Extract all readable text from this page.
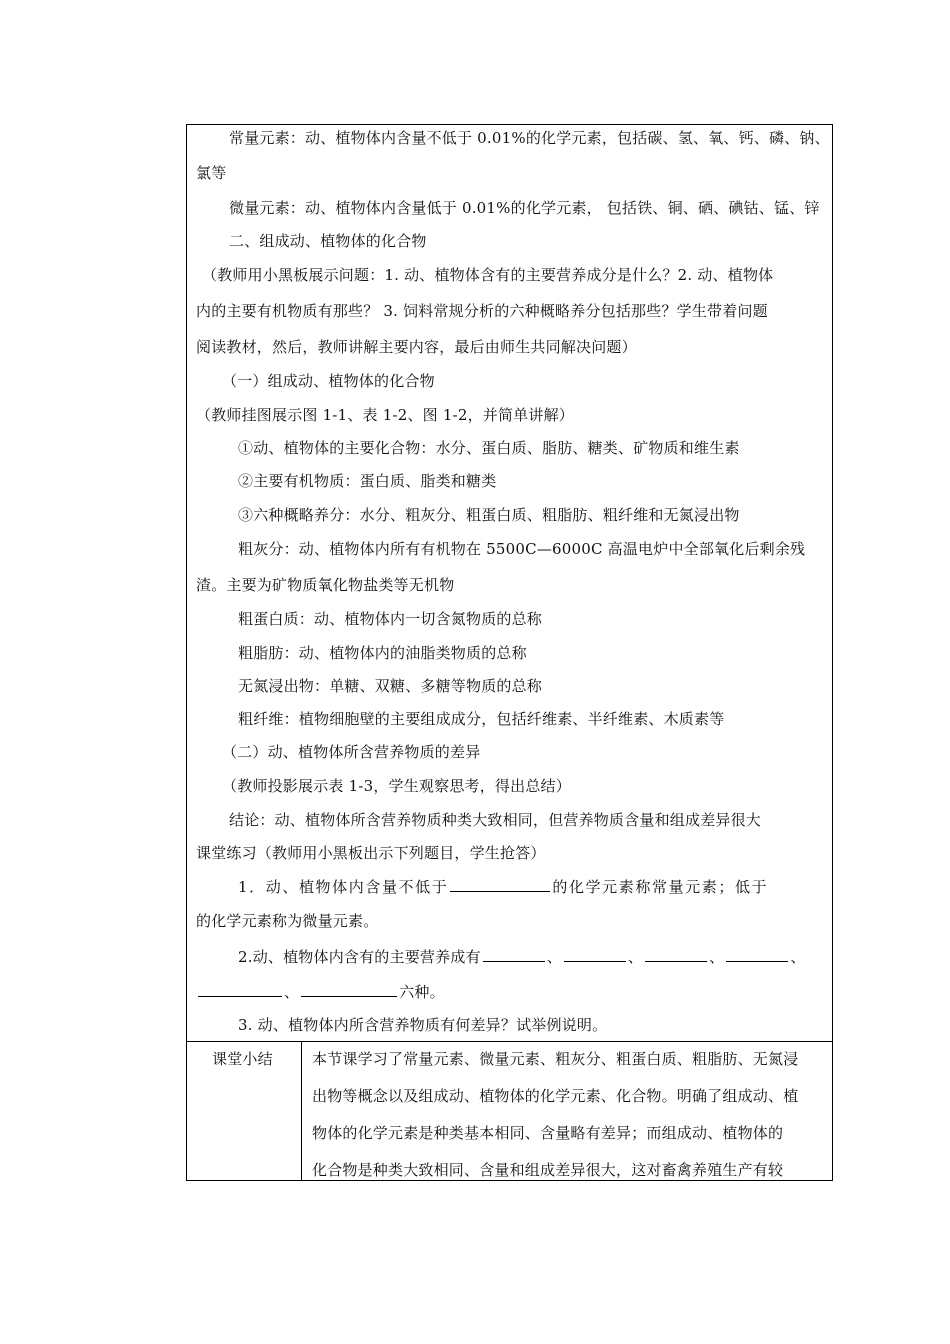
常量元素：动、植物体内含量不低于 0.01%的化学元素，包括碳、氢、氧、钙、磷、钠、
氯等
微量元素：动、植物体内含量低于 0.01%的化学元素， 包括铁、铜、硒、碘钴、锰、锌
二、组成动、植物体的化合物
（教师用小黑板展示问题：1. 动、植物体含有的主要营养成分是什么？2. 动、植物体
内的主要有机物质有那些？ 3. 饲料常规分析的六种概略养分包括那些？学生带着问题
阅读教材，然后，教师讲解主要内容，最后由师生共同解决问题）
（一）组成动、植物体的化合物
（教师挂图展示图 1-1、表 1-2、图 1-2，并简单讲解）
①动、植物体的主要化合物：水分、蛋白质、脂肪、糖类、矿物质和维生素
②主要有机物质：蛋白质、脂类和糖类
③六种概略养分：水分、粗灰分、粗蛋白质、粗脂肪、粗纤维和无氮浸出物
粗灰分：动、植物体内所有有机物在 5500C—6000C 高温电炉中全部氧化后剩余残
渣。主要为矿物质氧化物盐类等无机物
粗蛋白质：动、植物体内一切含氮物质的总称
粗脂肪：动、植物体内的油脂类物质的总称
无氮浸出物：单糖、双糖、多糖等物质的总称
粗纤维：植物细胞壁的主要组成成分，包括纤维素、半纤维素、木质素等
（二）动、植物体所含营养物质的差异
（教师投影展示表 1-3，学生观察思考，得出总结）
结论：动、植物体所含营养物质种类大致相同，但营养物质含量和组成差异很大
课堂练习（教师用小黑板出示下列题目，学生抢答）
1．动、植物体内含量不低于	的化学元素称常量元素；低于
的化学元素称为微量元素。
2.动、植物体内含有的主要营养成有	、	、	、	、
、	六种。
3. 动、植物体内所含营养物质有何差异？试举例说明。
课堂小结	本节课学习了常量元素、微量元素、粗灰分、粗蛋白质、粗脂肪、无氮浸
出物等概念以及组成动、植物体的化学元素、化合物。明确了组成动、植
物体的化学元素是种类基本相同、含量略有差异；而组成动、植物体的
化合物是种类大致相同、含量和组成差异很大，这对畜禽养殖生产有较
